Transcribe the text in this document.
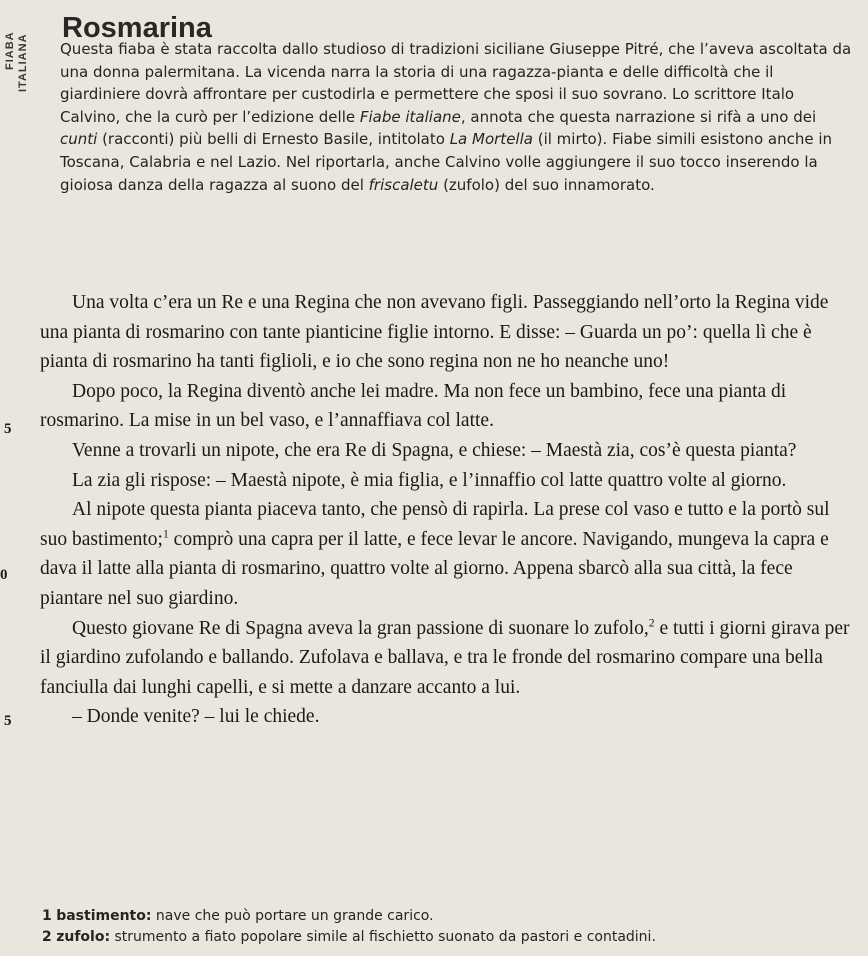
FIABA ITALIANA
Rosmarina

Questa fiaba è stata raccolta dallo studioso di tradizioni siciliane Giuseppe Pitré, che l’aveva ascoltata da una donna palermitana. La vicenda narra la storia di una ragazza-pianta e delle difficoltà che il giardiniere dovrà affrontare per custodirla e permettere che sposi il suo sovrano. Lo scrittore Italo Calvino, che la curò per l’edizione delle Fiabe italiane, annota che questa narrazione si rifà a uno dei cunti (racconti) più belli di Ernesto Basile, intitolato La Mortella (il mirto). Fiabe simili esistono anche in Toscana, Calabria e nel Lazio. Nel riportarla, anche Calvino volle aggiungere il suo tocco inserendo la gioiosa danza della ragazza al suono del friscaletu (zufolo) del suo innamorato.

Una volta c’era un Re e una Regina che non avevano figli. Passeggiando nell’orto la Regina vide una pianta di rosmarino con tante pianticine figlie intorno. E disse: – Guarda un po’: quella lì che è pianta di rosmarino ha tanti figlioli, e io che sono regina non ne ho neanche uno!

Dopo poco, la Regina diventò anche lei madre. Ma non fece un bambino, fece una pianta di rosmarino. La mise in un bel vaso, e l’annaffiava col latte.

Venne a trovarli un nipote, che era Re di Spagna, e chiese: – Maestà zia, cos’è questa pianta?

La zia gli rispose: – Maestà nipote, è mia figlia, e l’innaffio col latte quattro volte al giorno.

Al nipote questa pianta piaceva tanto, che pensò di rapirla. La prese col vaso e tutto e la portò sul suo bastimento;$^1$ comprò una capra per il latte, e fece levar le ancore. Navigando, mungeva la capra e dava il latte alla pianta di rosmarino, quattro volte al giorno. Appena sbarcò alla sua città, la fece piantare nel suo giardino.

Questo giovane Re di Spagna aveva la gran passione di suonare lo zufolo,$^2$ e tutti i giorni girava per il giardino zufolando e ballando. Zufolava e ballava, e tra le fronde del rosmarino compare una bella fanciulla dai lunghi capelli, e si mette a danzare accanto a lui.

– Donde venite? – lui le chiede.

5
0
5
1 bastimento: nave che può portare un grande carico.
2 zufolo: strumento a fiato popolare simile al fischietto suonato da pastori e contadini.
